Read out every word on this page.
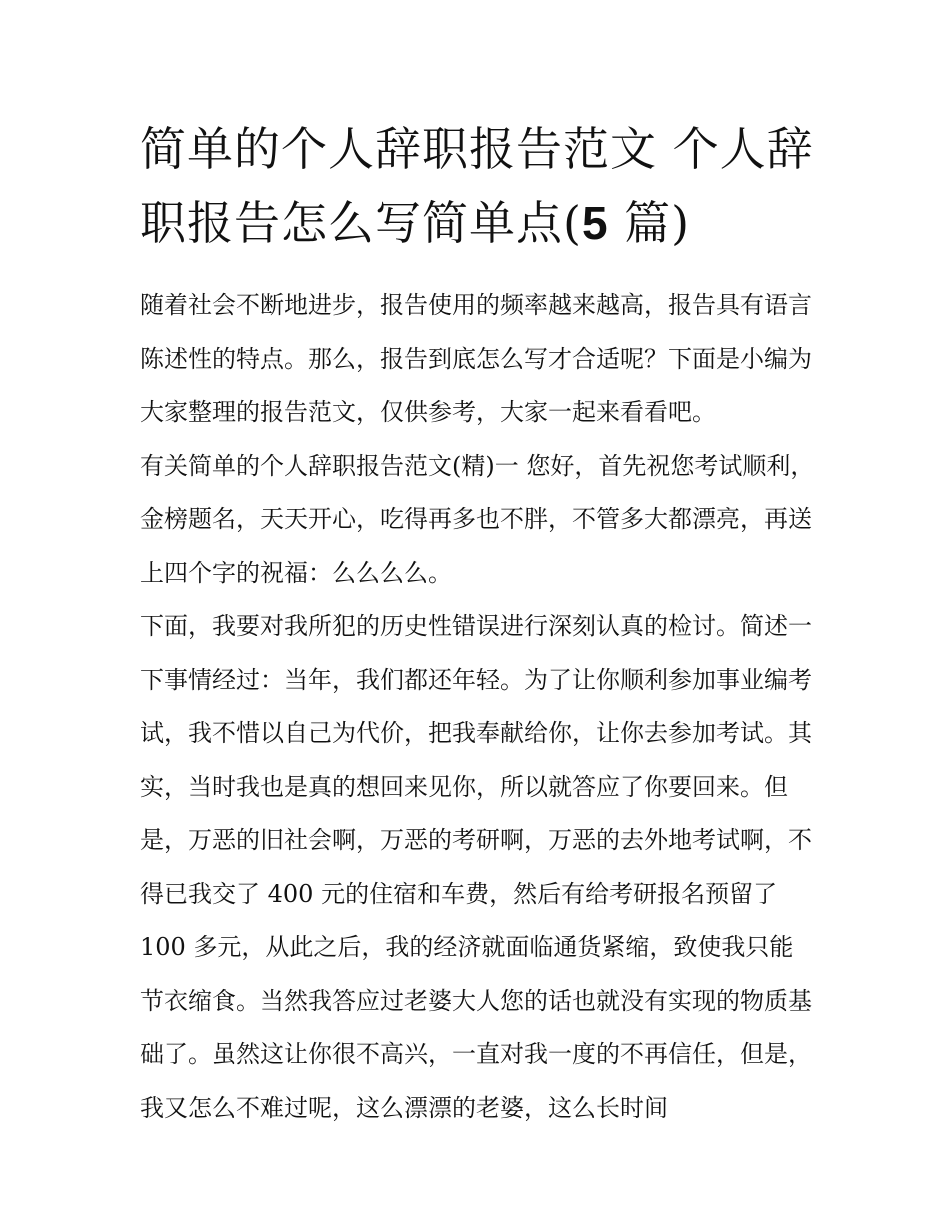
简单的个人辞职报告范文 个人辞职报告怎么写简单点(5 篇)

随着社会不断地进步，报告使用的频率越来越高，报告具有语言陈述性的特点。那么，报告到底怎么写才合适呢？下面是小编为大家整理的报告范文，仅供参考，大家一起来看看吧。

有关简单的个人辞职报告范文(精)一 您好，首先祝您考试顺利，金榜题名，天天开心，吃得再多也不胖，不管多大都漂亮，再送上四个字的祝福：么么么么。

下面，我要对我所犯的历史性错误进行深刻认真的检讨。简述一下事情经过：当年，我们都还年轻。为了让你顺利参加事业编考试，我不惜以自己为代价，把我奉献给你，让你去参加考试。其实，当时我也是真的想回来见你，所以就答应了你要回来。但是，万恶的旧社会啊，万恶的考研啊，万恶的去外地考试啊，不得已我交了 400 元的住宿和车费，然后有给考研报名预留了 100 多元，从此之后，我的经济就面临通货紧缩，致使我只能节衣缩食。当然我答应过老婆大人您的话也就没有实现的物质基础了。虽然这让你很不高兴，一直对我一度的不再信任，但是，我又怎么不难过呢，这么漂漂的老婆，这么长时间
